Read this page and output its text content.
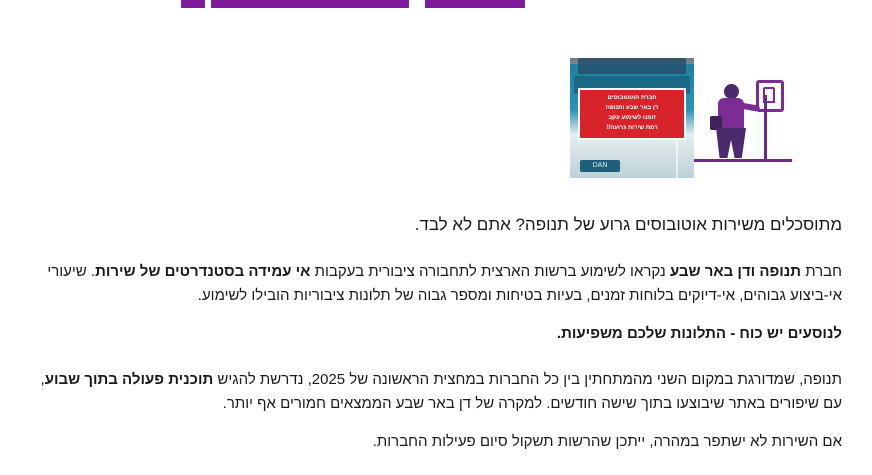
חברת האוטובוסים
דן באר שבע ותנופה
זומנו לשימוע עקב
רמת שירות גרועה!!
DAN

מתוסכלים משירות אוטובוסים גרוע של תנופה? אתם לא לבד.

חברת תנופה ודן באר שבע נקראו לשימוע ברשות הארצית לתחבורה ציבורית בעקבות אי עמידה בסטנדרטים של שירות. שיעורי אי-ביצוע גבוהים, אי-דיוקים בלוחות זמנים, בעיות בטיחות ומספר גבוה של תלונות ציבוריות הובילו לשימוע.

לנוסעים יש כוח - התלונות שלכם משפיעות.

תנופה, שמדורגת במקום השני מהמתחתין בין כל החברות במחצית הראשונה של 2025, נדרשת להגיש תוכנית פעולה בתוך שבוע, עם שיפורים באתר שיבוצעו בתוך שישה חודשים. למקרה של דן באר שבע הממצאים חמורים אף יותר.

אם השירות לא ישתפר במהרה, ייתכן שהרשות תשקול סיום פעילות החברות.
